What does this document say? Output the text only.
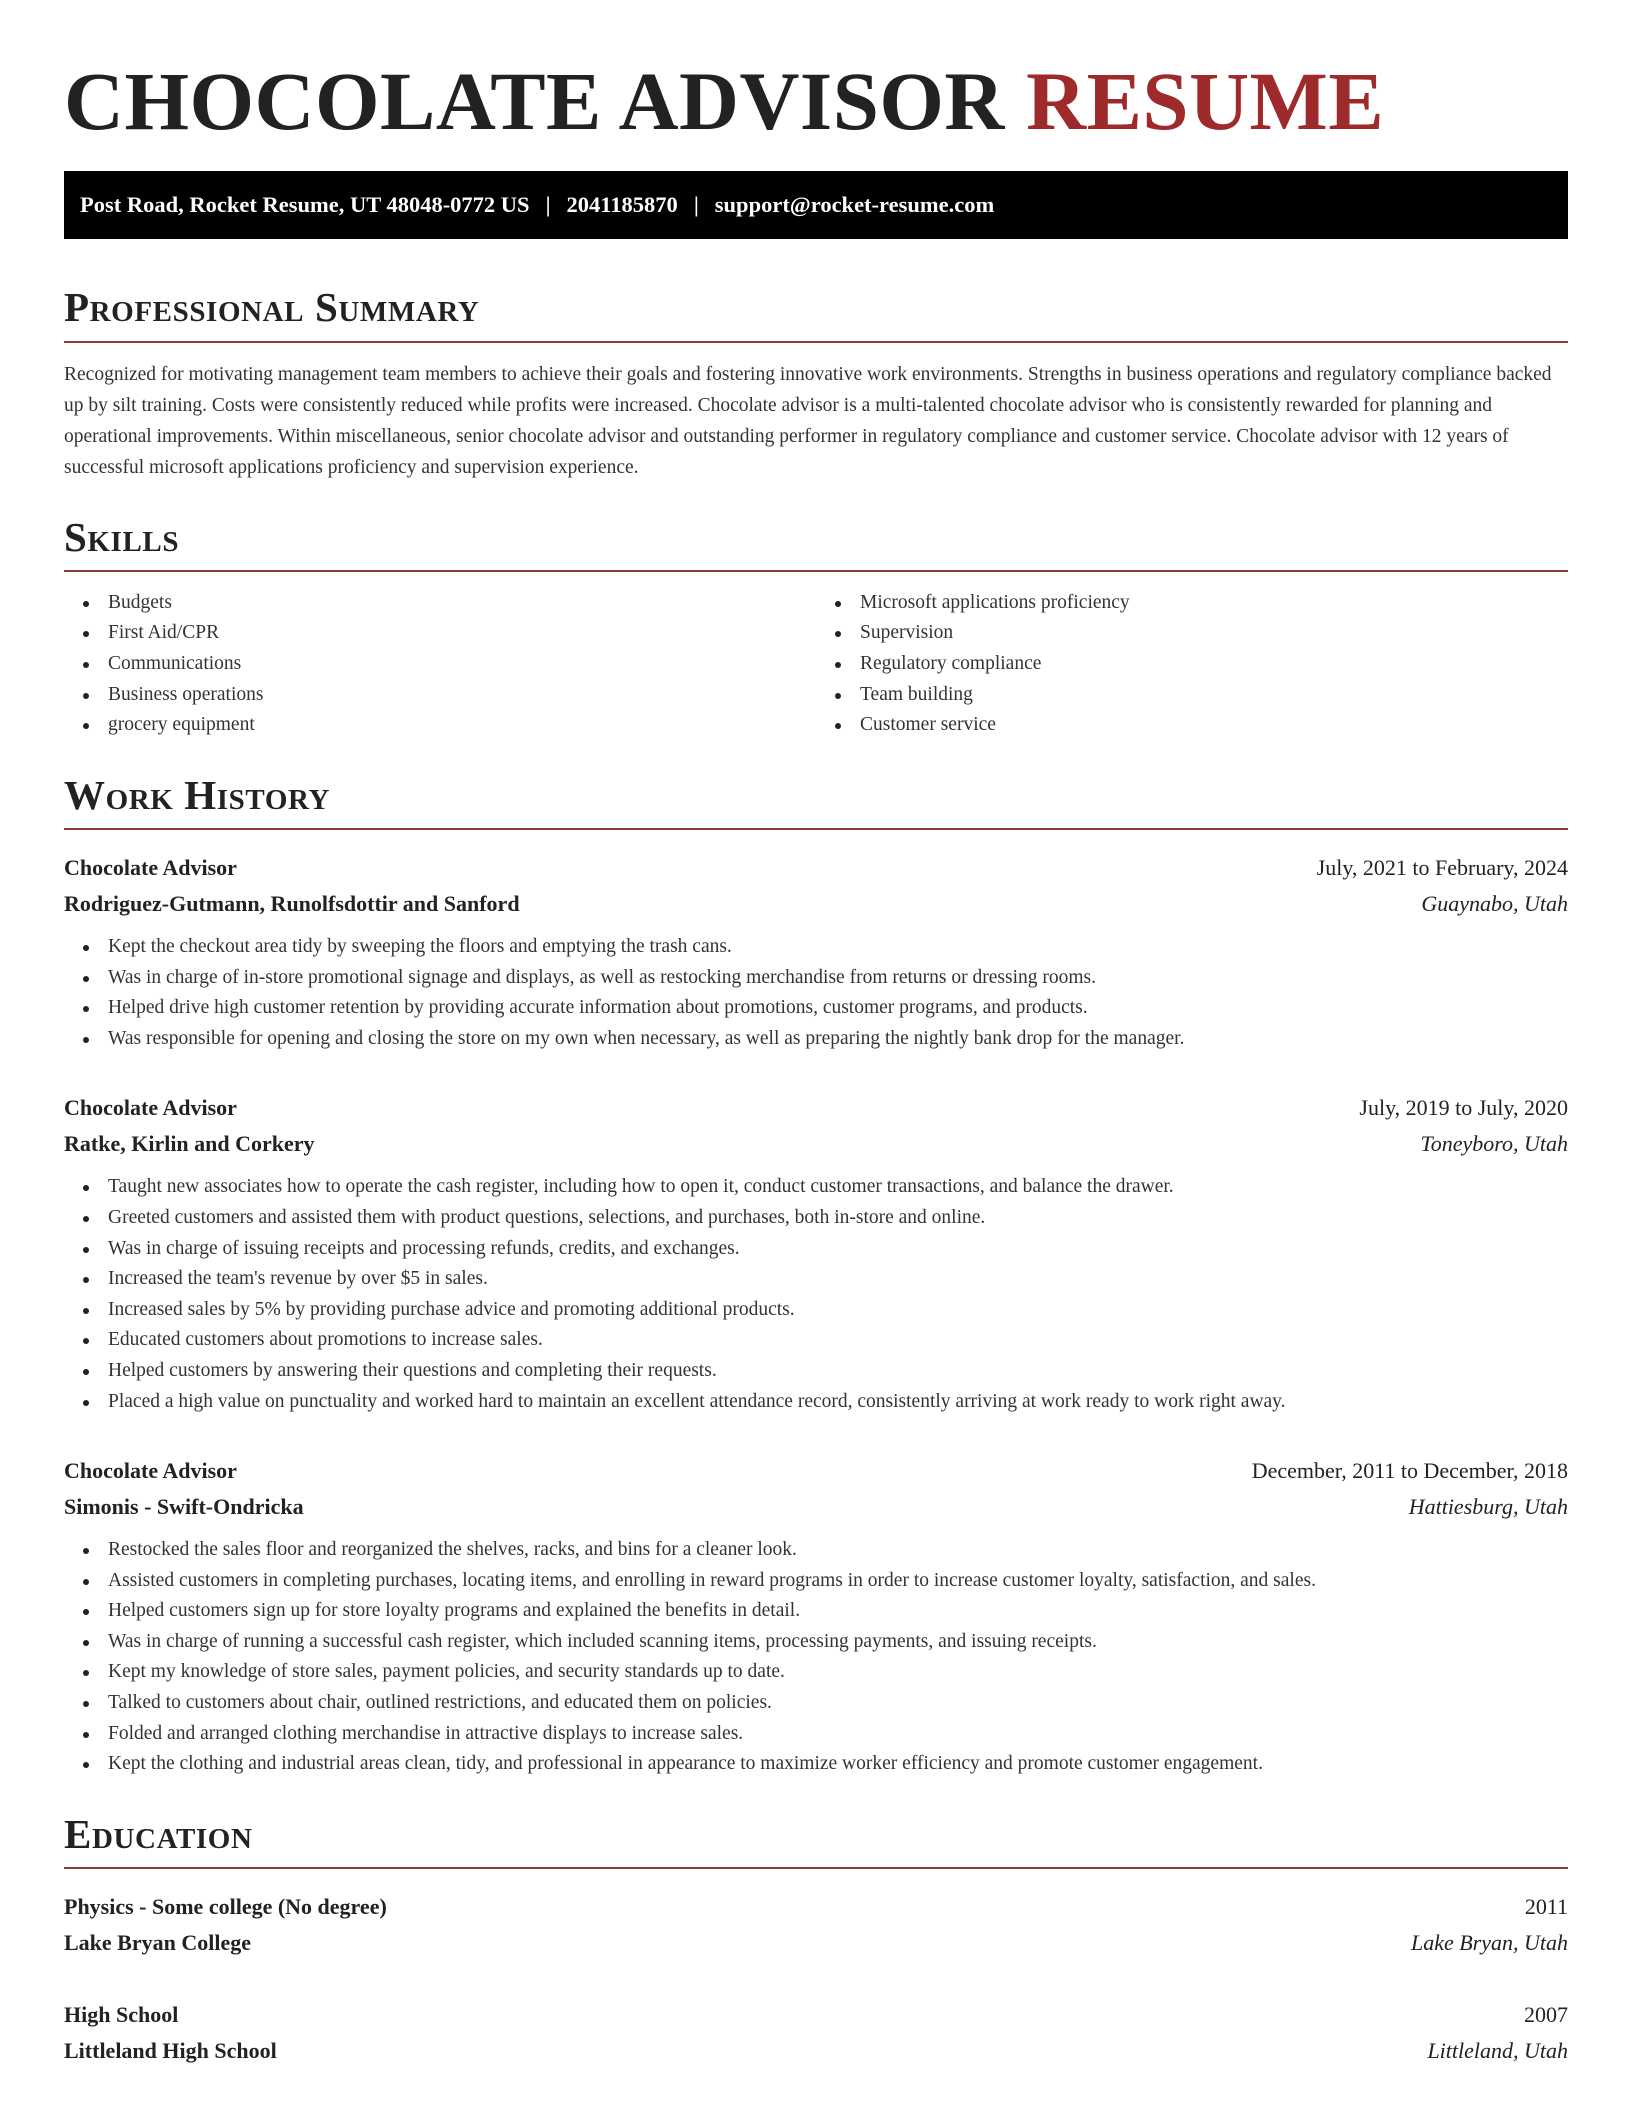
CHOCOLATE ADVISOR RESUME
Post Road, Rocket Resume, UT 48048-0772 US | 2041185870 | support@rocket-resume.com
Professional Summary

Recognized for motivating management team members to achieve their goals and fostering innovative work environments. Strengths in business operations and regulatory compliance backed up by silt training. Costs were consistently reduced while profits were increased. Chocolate advisor is a multi-talented chocolate advisor who is consistently rewarded for planning and operational improvements. Within miscellaneous, senior chocolate advisor and outstanding performer in regulatory compliance and customer service. Chocolate advisor with 12 years of successful microsoft applications proficiency and supervision experience.

Skills
Budgets
First Aid/CPR
Communications
Business operations
grocery equipment
Microsoft applications proficiency
Supervision
Regulatory compliance
Team building
Customer service
Work History
Chocolate Advisor	July, 2021 to February, 2024
Rodriguez-Gutmann, Runolfsdottir and Sanford	Guaynabo, Utah
Kept the checkout area tidy by sweeping the floors and emptying the trash cans.
Was in charge of in-store promotional signage and displays, as well as restocking merchandise from returns or dressing rooms.
Helped drive high customer retention by providing accurate information about promotions, customer programs, and products.
Was responsible for opening and closing the store on my own when necessary, as well as preparing the nightly bank drop for the manager.
Chocolate Advisor	July, 2019 to July, 2020
Ratke, Kirlin and Corkery	Toneyboro, Utah
Taught new associates how to operate the cash register, including how to open it, conduct customer transactions, and balance the drawer.
Greeted customers and assisted them with product questions, selections, and purchases, both in-store and online.
Was in charge of issuing receipts and processing refunds, credits, and exchanges.
Increased the team's revenue by over $5 in sales.
Increased sales by 5% by providing purchase advice and promoting additional products.
Educated customers about promotions to increase sales.
Helped customers by answering their questions and completing their requests.
Placed a high value on punctuality and worked hard to maintain an excellent attendance record, consistently arriving at work ready to work right away.
Chocolate Advisor	December, 2011 to December, 2018
Simonis - Swift-Ondricka	Hattiesburg, Utah
Restocked the sales floor and reorganized the shelves, racks, and bins for a cleaner look.
Assisted customers in completing purchases, locating items, and enrolling in reward programs in order to increase customer loyalty, satisfaction, and sales.
Helped customers sign up for store loyalty programs and explained the benefits in detail.
Was in charge of running a successful cash register, which included scanning items, processing payments, and issuing receipts.
Kept my knowledge of store sales, payment policies, and security standards up to date.
Talked to customers about chair, outlined restrictions, and educated them on policies.
Folded and arranged clothing merchandise in attractive displays to increase sales.
Kept the clothing and industrial areas clean, tidy, and professional in appearance to maximize worker efficiency and promote customer engagement.
Education
Physics - Some college (No degree)	2011
Lake Bryan College	Lake Bryan, Utah
High School	2007
Littleland High School	Littleland, Utah
